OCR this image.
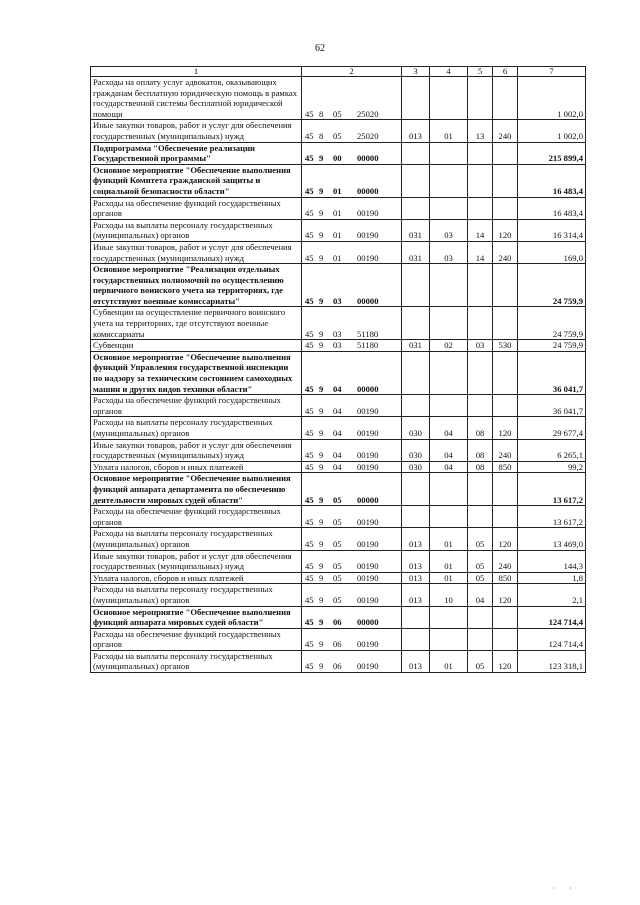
62
1	2	3	4	5	6	7
Расходы на оплату услуг адвокатов, оказывающих гражданам бесплатную юридическую помощь в рамках государственной системы бесплатной юридической помощи	45 8 05 25020					1 002,0
Иные закупки товаров, работ и услуг для обеспечения государственных (муниципальных) нужд	45 8 05 25020	013	01	13	240	1 002,0
Подпрограмма "Обеспечение реализации Государственной программы"	45 9 00 00000					215 899,4
Основное мероприятие "Обеспечение выполнения функций Комитета гражданской защиты и социальной безопасности области"	45 9 01 00000					16 483,4
Расходы на обеспечение функций государственных органов	45 9 01 00190					16 483,4
Расходы на выплаты персоналу государственных (муниципальных) органов	45 9 01 00190	031	03	14	120	16 314,4
Иные закупки товаров, работ и услуг для обеспечения государственных (муниципальных) нужд	45 9 01 00190	031	03	14	240	169,0
Основное мероприятие "Реализация отдельных государственных полномочий по осуществлению первичного воинского учета на территориях, где отсутствуют военные комиссариаты"	45 9 03 00000					24 759,9
Субвенции на осуществление первичного воинского учета на территориях, где отсутствуют военные комиссариаты	45 9 03 51180					24 759,9
Субвенции	45 9 03 51180	031	02	03	530	24 759,9
Основное мероприятие "Обеспечение выполнения функций Управления государственной инспекции по надзору за техническим состоянием самоходных машин и других видов техники области"	45 9 04 00000					36 041,7
Расходы на обеспечение функций государственных органов	45 9 04 00190					36 041,7
Расходы на выплаты персоналу государственных (муниципальных) органов	45 9 04 00190	030	04	08	120	29 677,4
Иные закупки товаров, работ и услуг для обеспечения государственных (муниципальных) нужд	45 9 04 00190	030	04	08	240	6 265,1
Уплата налогов, сборов и иных платежей	45 9 04 00190	030	04	08	850	99,2
Основное мероприятие "Обеспечение выполнения функций аппарата департамента по обеспечению деятельности мировых судей области"	45 9 05 00000					13 617,2
Расходы на обеспечение функций государственных органов	45 9 05 00190					13 617,2
Расходы на выплаты персоналу государственных (муниципальных) органов	45 9 05 00190	013	01	05	120	13 469,0
Иные закупки товаров, работ и услуг для обеспечения государственных (муниципальных) нужд	45 9 05 00190	013	01	05	240	144,3
Уплата налогов, сборов и иных платежей	45 9 05 00190	013	01	05	850	1,8
Расходы на выплаты персоналу государственных (муниципальных) органов	45 9 05 00190	013	10	04	120	2,1
Основное мероприятие "Обеспечение выполнения функций аппарата мировых судей области"	45 9 06 00000					124 714,4
Расходы на обеспечение функций государственных органов	45 9 06 00190					124 714,4
Расходы на выплаты персоналу государственных (муниципальных) органов	45 9 06 00190	013	01	05	120	123 318,1
· ·
